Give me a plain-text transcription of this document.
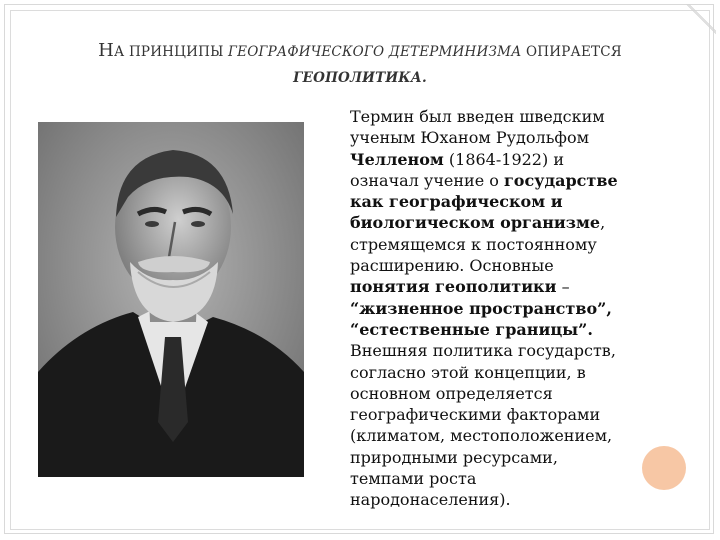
НА ПРИНЦИПЫ ГЕОГРАФИЧЕСКОГО ДЕТЕРМИНИЗМА ОПИРАЕТСЯ
ГЕОПОЛИТИКА.
Термин был введен шведским
ученым Юханом Рудольфом
Челленом (1864-1922) и
означал учение о государстве
как географическом и
биологическом организме,
стремящемся к постоянному
расширению. Основные
понятия геополитики –
“жизненное пространство”,
“естественные границы”.
Внешняя политика государств,
согласно этой концепции, в
основном определяется
географическими факторами
(климатом, местоположением,
природными ресурсами,
темпами роста
народонаселения).
